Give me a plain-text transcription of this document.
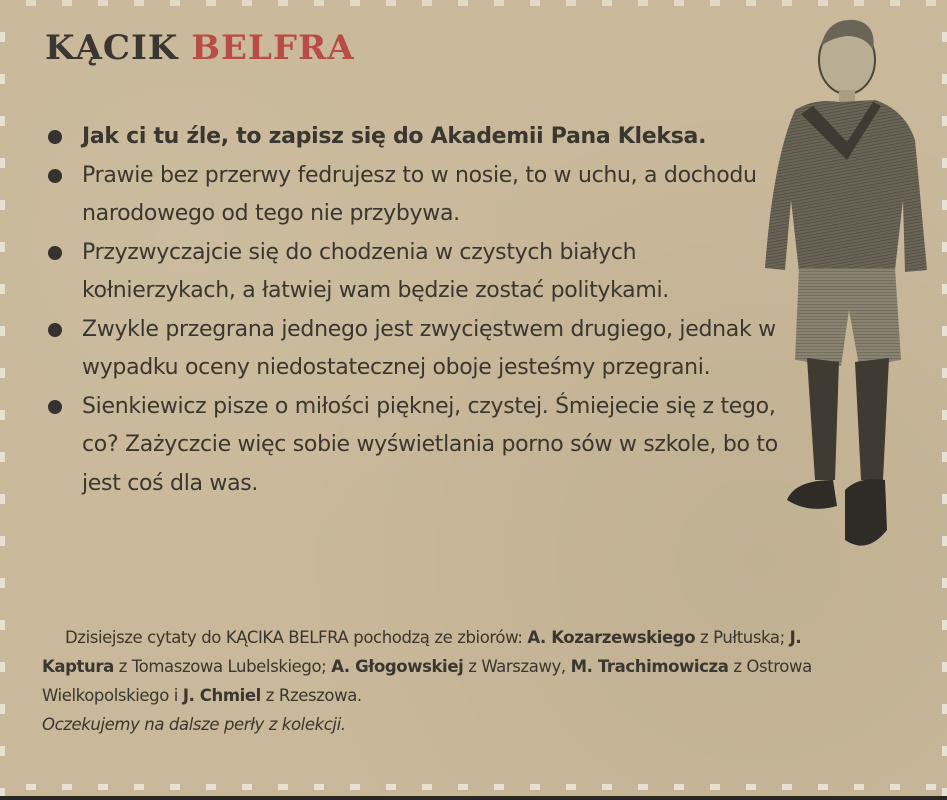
KĄCIK BELFRA
Jak ci tu źle, to zapisz się do Akademii Pana Kleksa.
Prawie bez przerwy fedrujesz to w nosie, to w uchu, a dochodu narodowego od tego nie przybywa.
Przyzwyczajcie się do chodzenia w czystych białych kołnierzykach, a łatwiej wam będzie zostać politykami.
Zwykle przegrana jednego jest zwycięstwem drugiego, jednak w wypadku oceny niedostatecznej oboje jesteśmy przegrani.
Sienkiewicz pisze o miłości pięknej, czystej. Śmiejecie się z tego, co? Zażyczcie więc sobie wyświetlania porno sów w szkole, bo to jest coś dla was.
Dzisiejsze cytaty do KĄCIKA BELFRA pochodzą ze zbiorów: A. Kozarzewskiego z Pułtuska; J. Kaptura z Tomaszowa Lubelskiego; A. Głogowskiej z Warszawy, M. Trachimowicza z Ostrowa Wielkopolskiego i J. Chmiel z Rzeszowa.
Oczekujemy na dalsze perły z kolekcji.
